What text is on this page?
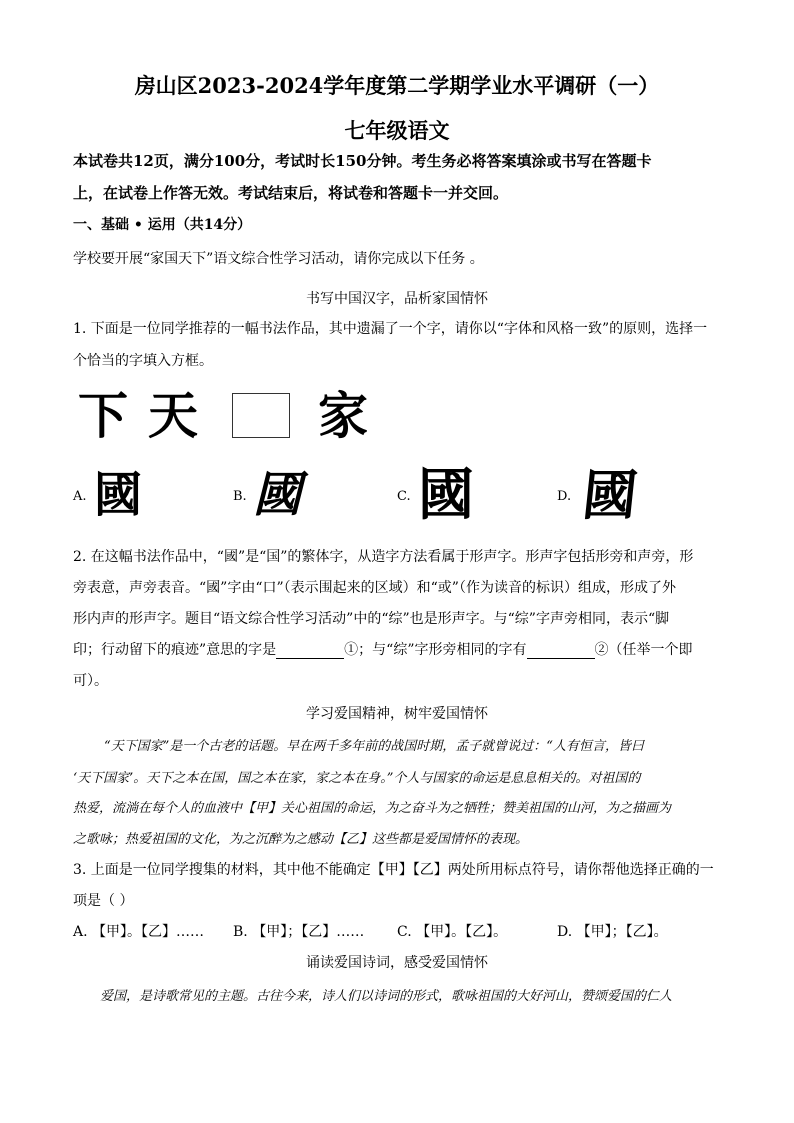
房山区2023-2024学年度第二学期学业水平调研（一）
七年级语文
本试卷共12页，满分100分，考试时长150分钟。考生务必将答案填涂或书写在答题卡
上，在试卷上作答无效。考试结束后，将试卷和答题卡一并交回。
一、基础 • 运用（共14分）
学校要开展“家国天下”语文综合性学习活动，请你完成以下任务 。
书写中国汉字，品析家国情怀
1. 下面是一位同学推荐的一幅书法作品，其中遗漏了一个字，请你以“字体和风格一致”的原则，选择一
个恰当的字填入方框。
下 天 家
A. 國	B. 國	C. 國	D. 國
2. 在这幅书法作品中，“國”是“国”的繁体字，从造字方法看属于形声字。形声字包括形旁和声旁，形
旁表意，声旁表音。“國”字由“口”（表示围起来的区域）和“或”（作为读音的标识）组成，形成了外
形内声的形声字。题目“语文综合性学习活动”中的“综”也是形声字。与“综”字声旁相同，表示“脚
印；行动留下的痕迹”意思的字是	①；与“综”字形旁相同的字有	②（任举一个即
可）。
学习爱国精神，树牢爱国情怀
“天下国家”是一个古老的话题。早在两千多年前的战国时期，孟子就曾说过：“人有恒言，皆曰
‘天下国家’。天下之本在国，国之本在家，家之本在身。”个人与国家的命运是息息相关的。对祖国的
热爱，流淌在每个人的血液中【甲】关心祖国的命运，为之奋斗为之牺牲；赞美祖国的山河，为之描画为
之歌咏；热爱祖国的文化，为之沉醉为之感动【乙】这些都是爱国情怀的表现。
3. 上面是一位同学搜集的材料，其中他不能确定【甲】【乙】两处所用标点符号，请你帮他选择正确的一
项是（ ）
A. 【甲】。【乙】…… B. 【甲】；【乙】…… C. 【甲】。【乙】。	D. 【甲】；【乙】。
诵读爱国诗词，感受爱国情怀
爱国，是诗歌常见的主题。古往今来，诗人们以诗词的形式，歌咏祖国的大好河山，赞颂爱国的仁人
